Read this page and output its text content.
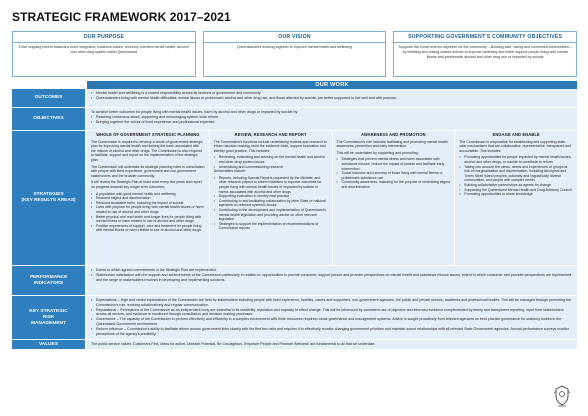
STRATEGIC FRAMEWORK 2017–2021
OUR PURPOSE
Drive ongoing reform towards a more integrated, evidence-based, recovery oriented mental health, alcohol and other drug system within Queensland
OUR VISION
Queenslanders working together to improve mental health and wellbeing
SUPPORTING GOVERNMENT'S COMMUNITY OBJECTIVES
Supports the Government's objective for the community – Building safe, caring and connected communities – by initiating and driving shared actions to improve wellbeing and better support people living with mental illness and problematic alcohol and other drug use or impacted by suicide
OUR WORK
OUTCOMES
• Mental health and wellbeing is a shared responsibility across all sections of government and community.
• Queenslanders living with mental health difficulties, mental illness or problematic alcohol and other drug use, and those affected by suicide, are better supported to live well and with purpose.
OBJECTIVES
To achieve better outcomes for people living with mental health issues, harm by alcohol and other drugs or impacted by suicide by:
• Reaching consensus about, supporting and encouraging system-wide reform.
• Bringing together the voices of lived experience and professional expertise.
STRATEGIES
(KEY RESULTS AREAS)
WHOLE OF GOVERNMENT STRATEGIC PLANNING

The Commission is required to develop a whole-of-government strategic plan for improving mental health and limiting the harm associated with the misuse of alcohol and other drugs. The Commission is also required to facilitate, support and report on the implementation of the strategic plan.

The Commission will undertake its strategic planning roles in consultation with people with lived experience, government and non-government stakeholders and the broader community.

It will review the Strategic Plan at least once every five years and report on progress towards key longer term outcomes:

• A population with good mental health and wellbeing
• Reduced stigma and discrimination
• Reduced avoidable harm, including the impact of suicide
• Lives with purpose for people living with mental health issues or harm related to use of alcohol and other drugs
• Better physical and oral health and longer lives for people living with mental illness or harm related to use of alcohol and other drugs
• Positive experiences of support, care and treatment for people living with mental illness or harm related to use of alcohol and other drugs
REVIEW, RESEARCH AND REPORT

The Commission's functions include undertaking reviews and research to inform decision making, build the evidence base, support innovation and identify good practice. This includes:

• Reviewing, evaluating and advising on the mental health and alcohol and other drug system issues
• Undertaking and commissioning research

Deliverables include:

• Reports, including Special Reports requested by the Minister, and other research papers to inform initiatives to improve outcomes for people living with mental health issues or impacted by suicide or harms associated with alcohol and other drugs
• Supporting evaluation to identify best practice
• Contributing to and facilitating collaboration by other State or national agencies on relevant systemic issues
• Contributing to the development and implementation of Queensland's mental health legislation and providing advice on other relevant legislation
• Strategies to support the implementation of recommendations of Commission reports
AWARENESS AND PROMOTION

The Commission's role includes facilitating and promoting mental health awareness, prevention and early intervention.

This will be undertaken by supporting and promoting:

• Strategies that prevent mental illness and harm associated with substance misuse, reduce the impact of suicide and facilitate early intervention
• Social inclusion and recovery of those living with mental illness or problematic substance use
• Community awareness, including for the purpose of minimising stigma and discrimination
ENGAGE AND ENABLE

The Commission is responsible for establishing and supporting state-wide mechanisms that are collaborative, representative, transparent and accountable. This includes:

• Promoting opportunities for people impacted by mental health issues, alcohol and other drugs, or suicide to contribute to reform
• Taking into account the views, needs and experiences of groups at risk of marginalisation and discrimination, including Aboriginal and Torres Strait Island peoples, culturally and linguistically diverse communities, and people with complex needs
• Building collaborative partnerships as agents for change
• Supporting the Queensland Mental Health and Drug Advisory Council
• Promoting opportunities to share knowledge
PERFORMANCE
INDICATORS
• Extent to which agreed commitments in the Strategic Plan are implemented.
• Stakeholder satisfaction with the support and achievements of the Commission particularly in relation to: opportunities to provide consumer, support person and provider perspectives on mental health and substance misuse issues; extent to which consumer and provider perspectives are represented and the range of stakeholders involved in developing and implementing solutions.
KEY STRATEGIC
RISK
MANAGEMENT
• Expectations – High and varied expectations of the Commission are held by stakeholders including people with lived experience, families, carers and supporters, non-government agencies, the public and private sectors, academia and professional bodies. This will be managed through promoting the Commission's role, working collaboratively and regular communication.
• Reputational – Perceptions of the Commission as an independent body are essential to its credibility, reputation and capacity to effect change. This will be influenced by consistent use of objective and informed evidence complemented by timely and transparent reporting. Input from stakeholders across all sectors, and evidence is monitored through consultation and decision making processes.
• Governance – The capacity of the Commission to perform effectively and efficiently in a complex environment with finite resources requires robust governance and management systems. Advice is sought proactively from relevant agencies on best practice governance for statutory bodies in the Queensland Government environment.
• Reform influence – Commission's ability to facilitate reform across government links closely with the first two risks and requires it to effectively monitor changing government priorities and maintain sound relationships with all relevant State Government agencies. Annual performance surveys monitor perceptions of the agency's credibility.
VALUES	The public service values 'Customers First, Ideas for action, Unleash Potential, Be Courageous, Empower People and Promote Wellness' are fundamental to all that we undertake.
